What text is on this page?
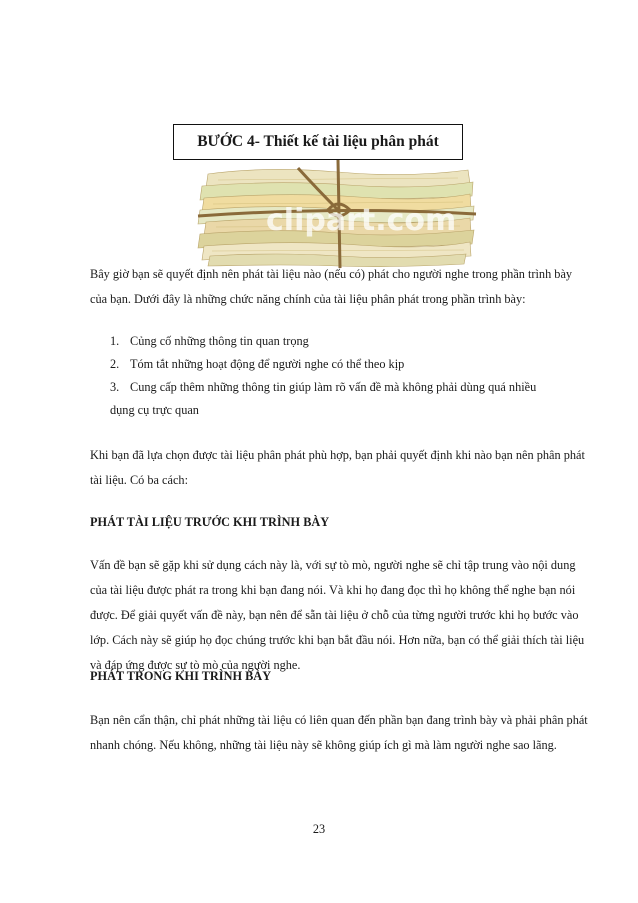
BƯỚC 4- Thiết kế tài liệu phân phát
clipart.com

Bây giờ bạn sẽ quyết định nên phát tài liệu nào (nếu có) phát cho người nghe trong phần trình bày của bạn. Dưới đây là những chức năng chính của tài liệu phân phát trong phần trình bày:

1. Củng cố những thông tin quan trọng
2. Tóm tắt những hoạt động để người nghe có thể theo kịp
3. Cung cấp thêm những thông tin giúp làm rõ vấn đề mà không phải dùng quá nhiều dụng cụ trực quan

Khi bạn đã lựa chọn được tài liệu phân phát phù hợp, bạn phải quyết định khi nào bạn nên phân phát tài liệu. Có ba cách:

PHÁT TÀI LIỆU TRƯỚC KHI TRÌNH BÀY

Vấn đề bạn sẽ gặp khi sử dụng cách này là, với sự tò mò, người nghe sẽ chỉ tập trung vào nội dung của tài liệu được phát ra trong khi bạn đang nói. Và khi họ đang đọc thì họ không thể nghe bạn nói được. Để giải quyết vấn đề này, bạn nên để sẵn tài liệu ở chỗ của từng người trước khi họ bước vào lớp. Cách này sẽ giúp họ đọc chúng trước khi bạn bắt đầu nói. Hơn nữa, bạn có thể giải thích tài liệu và đáp ứng được sự tò mò của người nghe.

PHÁT TRONG KHI TRÌNH BÀY

Bạn nên cẩn thận, chỉ phát những tài liệu có liên quan đến phần bạn đang trình bày và phải phân phát nhanh chóng. Nếu không, những tài liệu này sẽ không giúp ích gì mà làm người nghe sao lãng.

23
